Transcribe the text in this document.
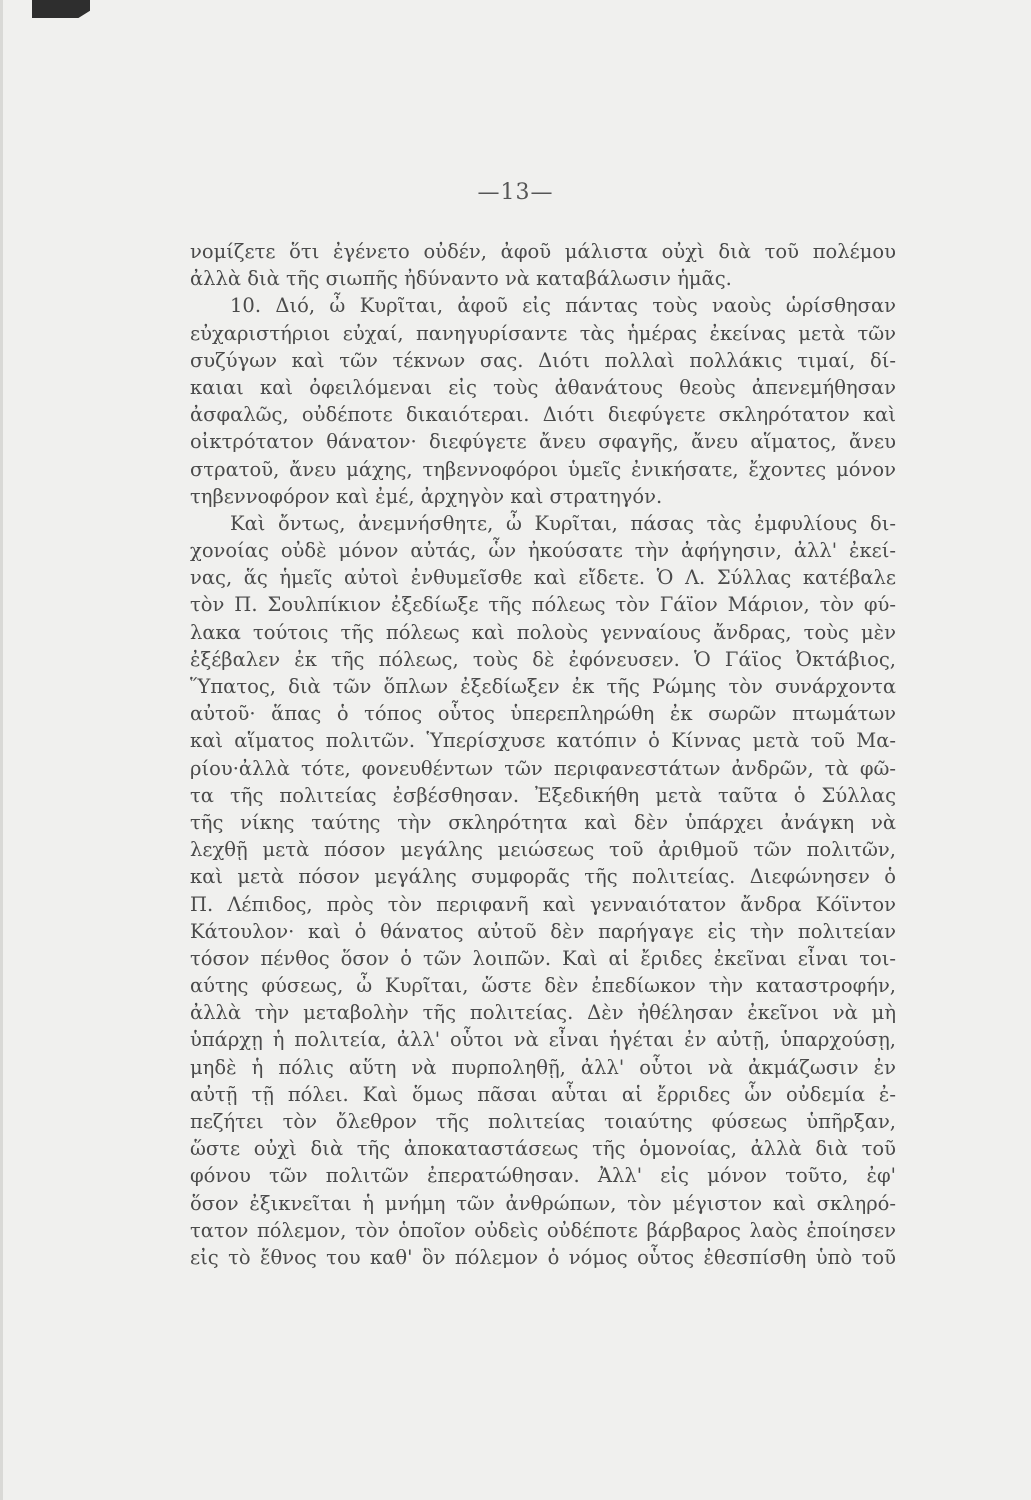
—13—
νομίζετε ὅτι ἐγένετο οὐδέν, ἀφοῦ μάλιστα οὐχὶ διὰ τοῦ πολέμου
ἀλλὰ διὰ τῆς σιωπῆς ἠδύναντο νὰ καταβάλωσιν ἡμᾶς.
10. Διό, ὦ Κυρῖται, ἀφοῦ εἰς πάντας τοὺς ναοὺς ὡρίσθησαν
εὐχαριστήριοι εὐχαί, πανηγυρίσαντε τὰς ἡμέρας ἐκείνας μετὰ τῶν
συζύγων καὶ τῶν τέκνων σας. Διότι πολλαὶ πολλάκις τιμαί, δί-
καιαι καὶ ὀφειλόμεναι εἰς τοὺς ἀθανάτους θεοὺς ἀπενεμήθησαν
ἀσφαλῶς, οὐδέποτε δικαιότεραι. Διότι διεφύγετε σκληρότατον καὶ
οἰκτρότατον θάνατον· διεφύγετε ἄνευ σφαγῆς, ἄνευ αἵματος, ἄνευ
στρατοῦ, ἄνευ μάχης, τηβεννοφόροι ὑμεῖς ἐνικήσατε, ἔχοντες μόνον
τηβεννοφόρον καὶ ἐμέ, ἀρχηγὸν καὶ στρατηγόν.
Καὶ ὄντως, ἀνεμνήσθητε, ὦ Κυρῖται, πάσας τὰς ἐμφυλίους δι-
χονοίας οὐδὲ μόνον αὐτάς, ὧν ἠκούσατε τὴν ἀφήγησιν, ἀλλ' ἐκεί-
νας, ἅς ἡμεῖς αὐτοὶ ἐνθυμεῖσθε καὶ εἴδετε. Ὁ Λ. Σύλλας κατέβαλε
τὸν Π. Σουλπίκιον ἐξεδίωξε τῆς πόλεως τὸν Γάϊον Μάριον, τὸν φύ-
λακα τούτοις τῆς πόλεως καὶ πολοὺς γενναίους ἄνδρας, τοὺς μὲν
ἐξέβαλεν ἐκ τῆς πόλεως, τοὺς δὲ ἐφόνευσεν. Ὁ Γάϊος Ὀκτάβιος,
Ὕπατος, διὰ τῶν ὅπλων ἐξεδίωξεν ἐκ τῆς Ρώμης τὸν συνάρχοντα
αὐτοῦ· ἅπας ὁ τόπος οὗτος ὑπερεπληρώθη ἐκ σωρῶν πτωμάτων
καὶ αἵματος πολιτῶν. Ὑπερίσχυσε κατόπιν ὁ Κίννας μετὰ τοῦ Μα-
ρίου·ἀλλὰ τότε, φονευθέντων τῶν περιφανεστάτων ἀνδρῶν, τὰ φῶ-
τα τῆς πολιτείας ἐσβέσθησαν. Ἐξεδικήθη μετὰ ταῦτα ὁ Σύλλας
τῆς νίκης ταύτης τὴν σκληρότητα καὶ δὲν ὑπάρχει ἀνάγκη νὰ
λεχθῇ μετὰ πόσον μεγάλης μειώσεως τοῦ ἀριθμοῦ τῶν πολιτῶν,
καὶ μετὰ πόσον μεγάλης συμφορᾶς τῆς πολιτείας. Διεφώνησεν ὁ
Π. Λέπιδος, πρὸς τὸν περιφανῆ καὶ γενναιότατον ἄνδρα Κόϊντον
Κάτουλον· καὶ ὁ θάνατος αὐτοῦ δὲν παρήγαγε εἰς τὴν πολιτείαν
τόσον πένθος ὅσον ὁ τῶν λοιπῶν. Καὶ αἱ ἔριδες ἐκεῖναι εἶναι τοι-
αύτης φύσεως, ὦ Κυρῖται, ὥστε δὲν ἐπεδίωκον τὴν καταστροφήν,
ἀλλὰ τὴν μεταβολὴν τῆς πολιτείας. Δὲν ἠθέλησαν ἐκεῖνοι νὰ μὴ
ὑπάρχῃ ἡ πολιτεία, ἀλλ' οὗτοι νὰ εἶναι ἡγέται ἐν αὐτῇ, ὑπαρχούσῃ,
μηδὲ ἡ πόλις αὕτη νὰ πυρποληθῇ, ἀλλ' οὗτοι νὰ ἀκμάζωσιν ἐν
αὐτῇ τῇ πόλει. Καὶ ὅμως πᾶσαι αὗται αἱ ἔρριδες ὧν οὐδεμία ἐ-
πεζήτει τὸν ὄλεθρον τῆς πολιτείας τοιαύτης φύσεως ὑπῆρξαν,
ὥστε οὐχὶ διὰ τῆς ἀποκαταστάσεως τῆς ὁμονοίας, ἀλλὰ διὰ τοῦ
φόνου τῶν πολιτῶν ἐπερατώθησαν. Ἀλλ' εἰς μόνον τοῦτο, ἐφ'
ὅσον ἐξικνεῖται ἡ μνήμη τῶν ἀνθρώπων, τὸν μέγιστον καὶ σκληρό-
τατον πόλεμον, τὸν ὁποῖον οὐδεὶς οὐδέποτε βάρβαρος λαὸς ἐποίησεν
εἰς τὸ ἔθνος του καθ' ὃν πόλεμον ὁ νόμος οὗτος ἐθεσπίσθη ὑπὸ τοῦ
